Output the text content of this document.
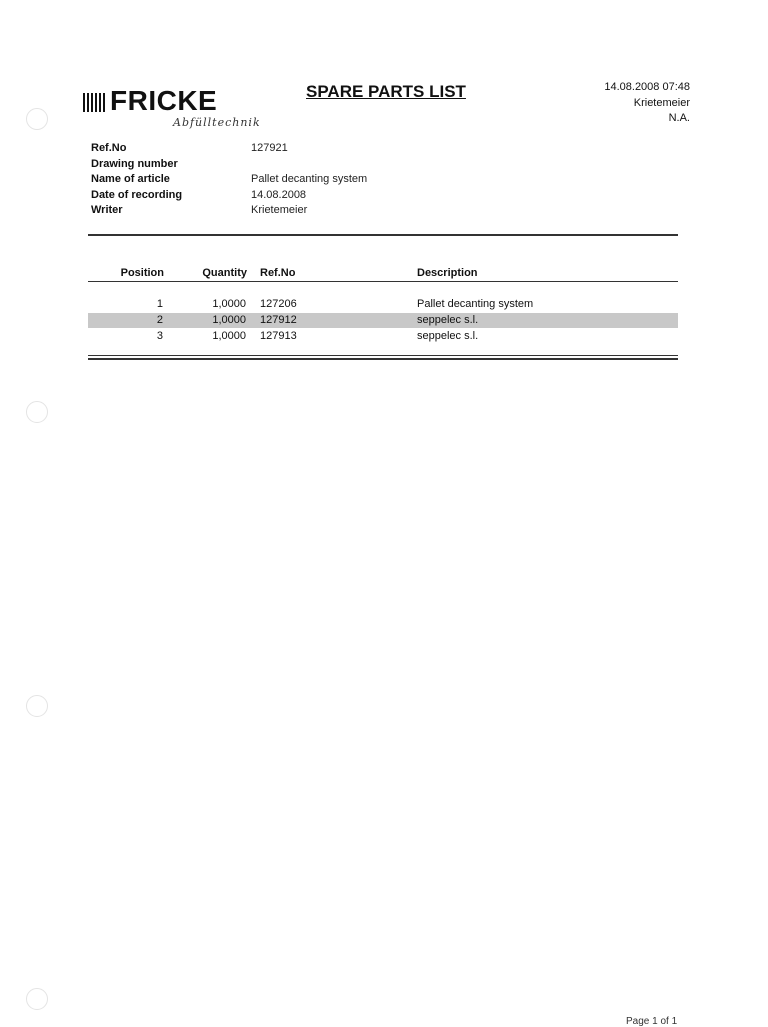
FRICKE
Abfülltechnik
SPARE PARTS LIST	14.08.2008 07:48
Krietemeier
N.A.
Ref.No	127921
Drawing number
Name of article	Pallet decanting system
Date of recording	14.08.2008
Writer	Krietemeier
Position	Quantity Ref.No	Description
1	1,0000 127206	Pallet decanting system
2	1,0000 127912	seppelec s.l.
3	1,0000 127913	seppelec s.l.
Page 1 of 1
